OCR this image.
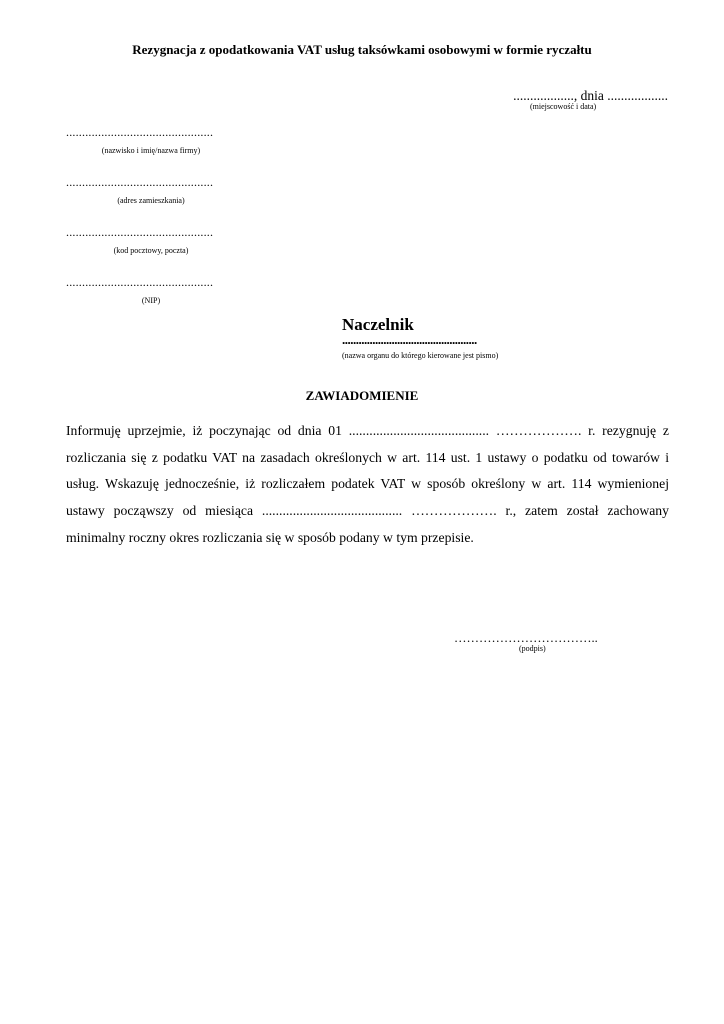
Rezygnacja z opodatkowania VAT usług taksówkami osobowymi w formie ryczałtu
.................., dnia ..................
(miejscowość i data)
..............................................
(nazwisko i imię/nazwa firmy)
..............................................
(adres zamieszkania)
..............................................
(kod pocztowy, poczta)
..............................................
(NIP)
Naczelnik
.................................................
(nazwa organu do którego kierowane jest pismo)
ZAWIADOMIENIE

Informuję uprzejmie, iż poczynając od dnia 01 ......................................... ………………. r. rezygnuję z rozliczania się z podatku VAT na zasadach określonych w art. 114 ust. 1 ustawy o podatku od towarów i usług. Wskazuję jednocześnie, iż rozliczałem podatek VAT w sposób określony w art. 114 wymienionej ustawy począwszy od miesiąca ......................................... ………………. r., zatem został zachowany minimalny roczny okres rozliczania się w sposób podany w tym przepisie.

……………………………..
(podpis)
